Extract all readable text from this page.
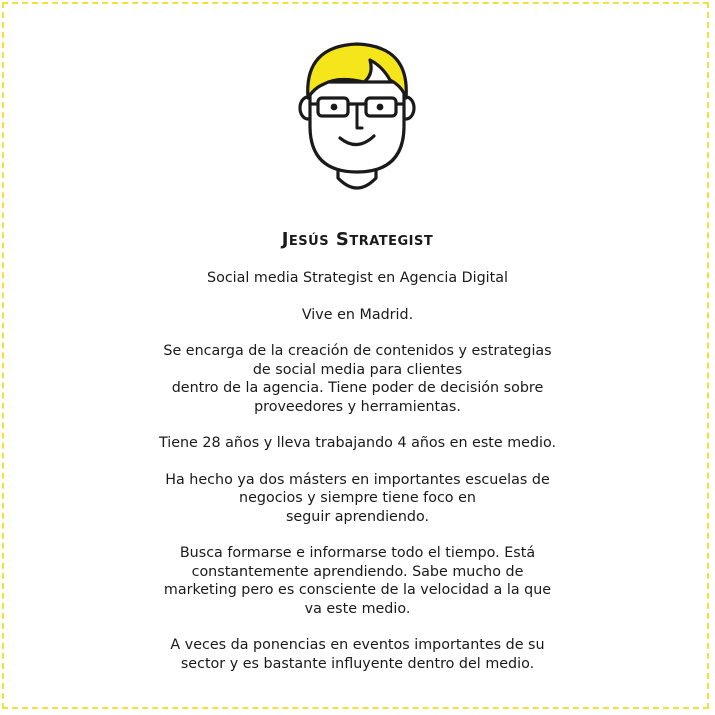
Jesús Strategist

Social media Strategist en Agencia Digital

Vive en Madrid.

Se encarga de la creación de contenidos y estrategias
de social media para clientes
dentro de la agencia. Tiene poder de decisión sobre
proveedores y herramientas.

Tiene 28 años y lleva trabajando 4 años en este medio.

Ha hecho ya dos másters en importantes escuelas de
negocios y siempre tiene foco en
seguir aprendiendo.

Busca formarse e informarse todo el tiempo. Está
constantemente aprendiendo. Sabe mucho de
marketing pero es consciente de la velocidad a la que
va este medio.

A veces da ponencias en eventos importantes de su
sector y es bastante influyente dentro del medio.
